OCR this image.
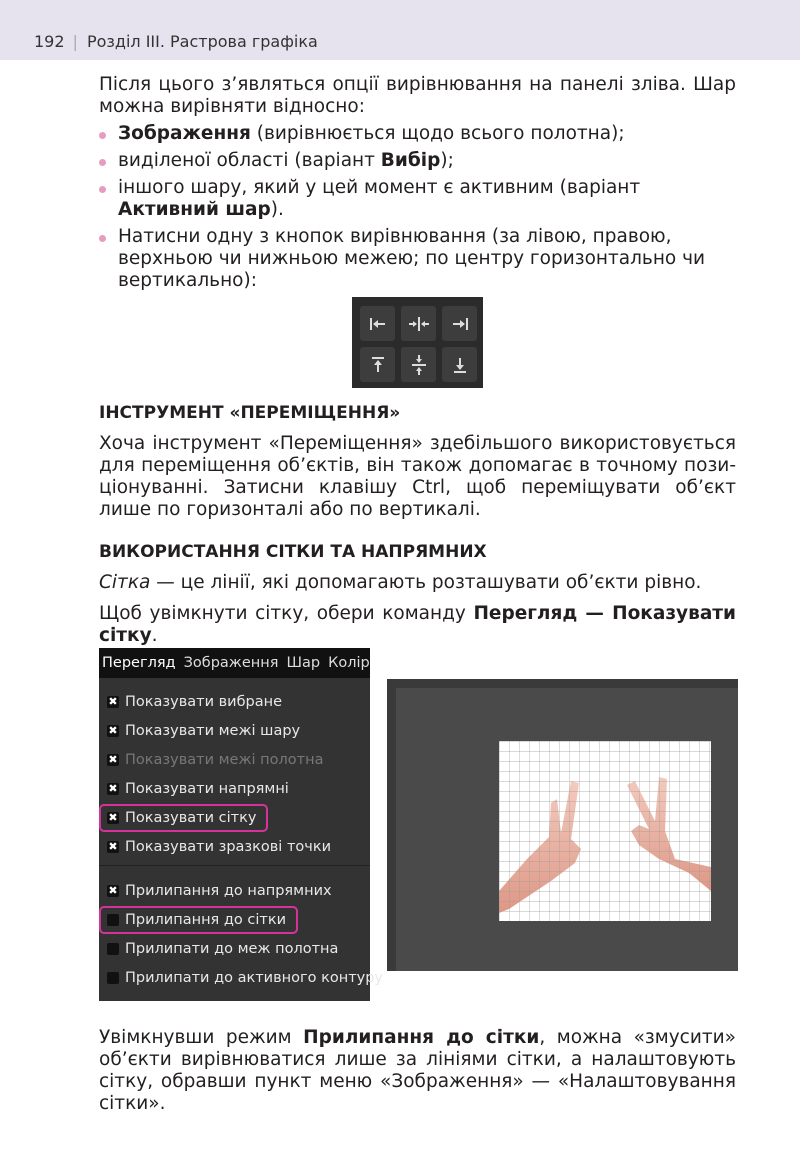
192 | Розділ III. Растрова графіка

Після цього з’являться опції вирівнювання на панелі зліва. Шар можна вирівняти відносно:

Зображення (вирівнюється щодо всього полотна);
виділеної області (варіант Вибір);
іншого шару, який у цей момент є активним (варіант Активний шар).
Натисни одну з кнопок вирівнювання (за лівою, правою, верхньою чи нижньою межею; по центру горизонтально чи вертикально):
ІНСТРУМЕНТ «ПЕРЕМІЩЕННЯ»

Хоча інструмент «Переміщення» здебільшого використовується для переміщення об’єктів, він також допомагає в точному пози- ціонуванні. Затисни клавішу Ctrl, щоб переміщувати об’єкт лише по горизонталі або по вертикалі.

ВИКОРИСТАННЯ СІТКИ ТА НАПРЯМНИХ

Сітка — це лінії, які допомагають розташувати об’єкти рівно.

Щоб увімкнути сітку, обери команду Перегляд — Показувати сітку.

Перегляд Зображення Шар Колір
✖ Показувати вибране
✖ Показувати межі шару
✖ Показувати межі полотна
✖ Показувати напрямні
✖ Показувати сітку
✖ Показувати зразкові точки
✖ Прилипання до напрямних
Прилипання до сітки
Прилипати до меж полотна
Прилипати до активного контуру

Увімкнувши режим Прилипання до сітки, можна «змусити» об’єкти вирівнюватися лише за лініями сітки, а налаштовують сітку, обравши пункт меню «Зображення» — «Налаштовування сітки».
